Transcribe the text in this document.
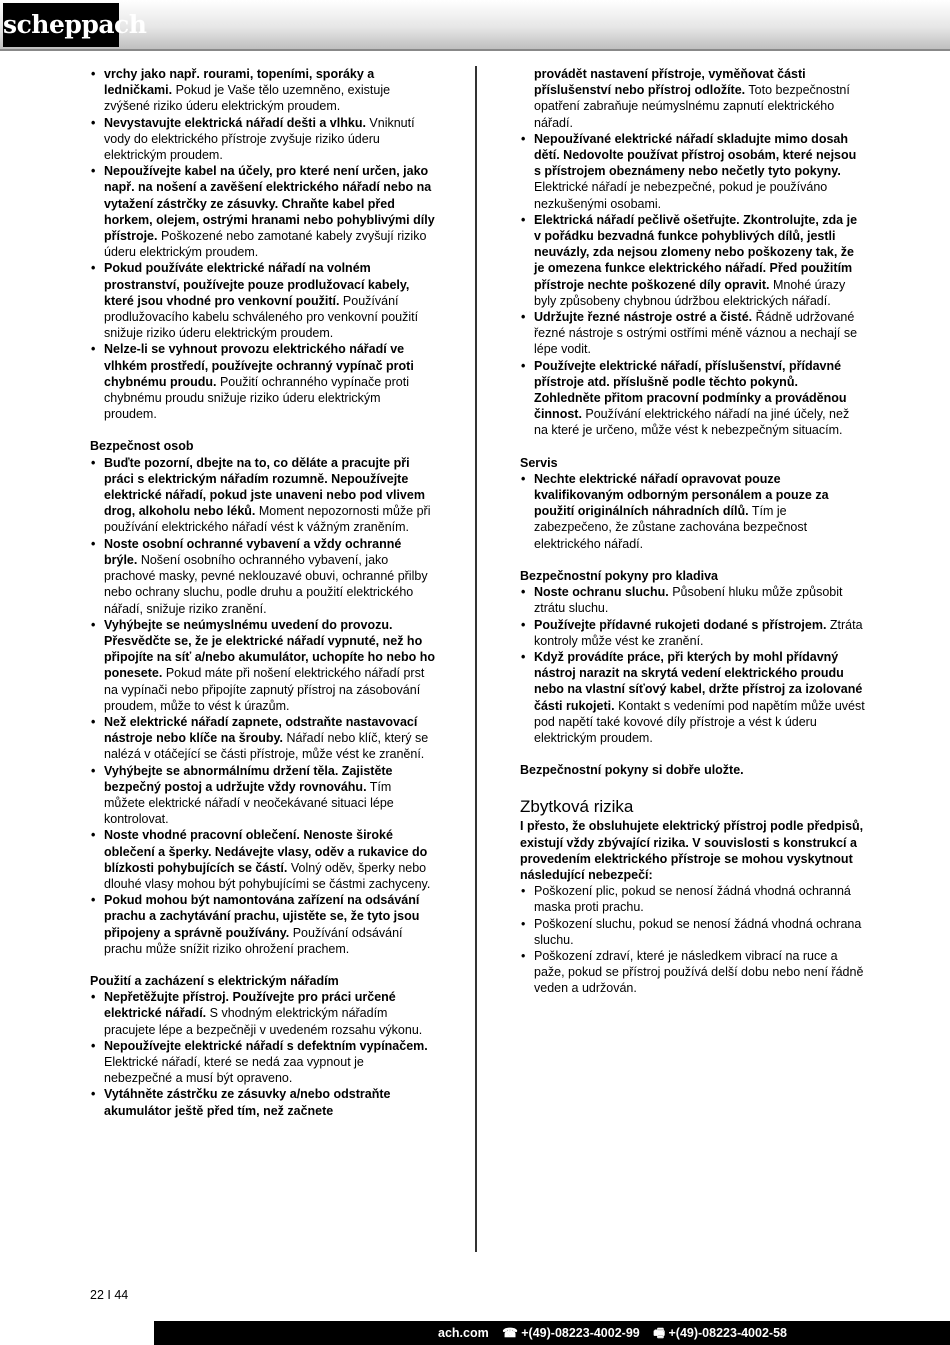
scheppach
• vrchy jako např. rourami, topeními, sporáky a ledničkami. Pokud je Vaše tělo uzemněno, existuje zvýšené riziko úderu elektrickým proudem.
• Nevystavujte elektrická nářadí dešti a vlhku. Vniknutí vody do elektrického přístroje zvyšuje riziko úderu elektrickým proudem.
• Nepoužívejte kabel na účely, pro které není určen, jako např. na nošení a zavěšení elektrického nářadí nebo na vytažení zástrčky ze zásuvky. Chraňte kabel před horkem, olejem, ostrými hranami nebo pohyblivými díly přístroje. Poškozené nebo zamotané kabely zvyšují riziko úderu elektrickým proudem.
• Pokud používáte elektrické nářadí na volném prostranství, používejte pouze prodlužovací kabely, které jsou vhodné pro venkovní použití. Používání prodlužovacího kabelu schváleného pro venkovní použití snižuje riziko úderu elektrickým proudem.
• Nelze-li se vyhnout provozu elektrického nářadí ve vlhkém prostředí, používejte ochranný vypínač proti chybnému proudu. Použití ochranného vypínače proti chybnému proudu snižuje riziko úderu elektrickým proudem.

Bezpečnost osob

• Buďte pozorní, dbejte na to, co děláte a pracujte při práci s elektrickým nářadím rozumně. Nepoužívejte elektrické nářadí, pokud jste unaveni nebo pod vlivem drog, alkoholu nebo léků. Moment nepozornosti může při používání elektrického nářadí vést k vážným zraněním.
• Noste osobní ochranné vybavení a vždy ochranné brýle. Nošení osobního ochranného vybavení, jako prachové masky, pevné neklouzavé obuvi, ochranné přilby nebo ochrany sluchu, podle druhu a použití elektrického nářadí, snižuje riziko zranění.
• Vyhýbejte se neúmyslnému uvedení do provozu. Přesvědčte se, že je elektrické nářadí vypnuté, než ho připojíte na síť a/nebo akumulátor, uchopíte ho nebo ho ponesete. Pokud máte při nošení elektrického nářadí prst na vypínači nebo připojíte zapnutý přístroj na zásobování proudem, může to vést k úrazům.
• Než elektrické nářadí zapnete, odstraňte nastavovací nástroje nebo klíče na šrouby. Nářadí nebo klíč, který se nalézá v otáčející se části přístroje, může vést ke zranění.
• Vyhýbejte se abnormálnímu držení těla. Zajistěte bezpečný postoj a udržujte vždy rovnováhu. Tím můžete elektrické nářadí v neočekávané situaci lépe kontrolovat.
• Noste vhodné pracovní oblečení. Nenoste široké oblečení a šperky. Nedávejte vlasy, oděv a rukavice do blízkosti pohybujících se částí. Volný oděv, šperky nebo dlouhé vlasy mohou být pohybujícími se částmi zachyceny.
• Pokud mohou být namontována zařízení na odsávání prachu a zachytávání prachu, ujistěte se, že tyto jsou připojeny a správně používány. Používání odsávání prachu může snížit riziko ohrožení prachem.

Použití a zacházení s elektrickým nářadím

• Nepřetěžujte přístroj. Používejte pro práci určené elektrické nářadí. S vhodným elektrickým nářadím pracujete lépe a bezpečněji v uvedeném rozsahu výkonu.
• Nepoužívejte elektrické nářadí s defektním vypínačem. Elektrické nářadí, které se nedá zaa vypnout je nebezpečné a musí být opraveno.
• Vytáhněte zástrčku ze zásuvky a/nebo odstraňte akumulátor ještě před tím, než začnete

provádět nastavení přístroje, vyměňovat části příslušenství nebo přístroj odložíte. Toto bezpečnostní opatření zabraňuje neúmyslnému zapnutí elektrického nářadí.

• Nepoužívané elektrické nářadí skladujte mimo dosah dětí. Nedovolte používat přístroj osobám, které nejsou s přístrojem obeznámeny nebo nečetly tyto pokyny. Elektrické nářadí je nebezpečné, pokud je používáno nezkušenými osobami.
• Elektrická nářadí pečlivě ošetřujte. Zkontrolujte, zda je v pořádku bezvadná funkce pohyblivých dílů, jestli neuvázly, zda nejsou zlomeny nebo poškozeny tak, že je omezena funkce elektrického nářadí. Před použitím přístroje nechte poškozené díly opravit. Mnohé úrazy byly způsobeny chybnou údržbou elektrických nářadí.
• Udržujte řezné nástroje ostré a čisté. Řádně udržované řezné nástroje s ostrými ostřími méně váznou a nechají se lépe vodit.
• Používejte elektrické nářadí, příslušenství, přídavné přístroje atd. příslušně podle těchto pokynů. Zohledněte přitom pracovní podmínky a prováděnou činnost. Používání elektrického nářadí na jiné účely, než na které je určeno, může vést k nebezpečným situacím.

Servis

• Nechte elektrické nářadí opravovat pouze kvalifikovaným odborným personálem a pouze za použití originálních náhradních dílů. Tím je zabezpečeno, že zůstane zachována bezpečnost elektrického nářadí.

Bezpečnostní pokyny pro kladiva

• Noste ochranu sluchu. Působení hluku může způsobit ztrátu sluchu.
• Používejte přídavné rukojeti dodané s přístrojem. Ztráta kontroly může vést ke zranění.
• Když provádíte práce, při kterých by mohl přídavný nástroj narazit na skrytá vedení elektrického proudu nebo na vlastní síťový kabel, držte přístroj za izolované části rukojeti. Kontakt s vedeními pod napětím může uvést pod napětí také kovové díly přístroje a vést k úderu elektrickým proudem.

Bezpečnostní pokyny si dobře uložte.

Zbytková rizika

I přesto, že obsluhujete elektrický přístroj podle předpisů, existují vždy zbývající rizika. V souvislosti s konstrukcí a provedením elektrického přístroje se mohou vyskytnout následující nebezpečí:

• Poškození plic, pokud se nenosí žádná vhodná ochranná maska proti prachu.
• Poškození sluchu, pokud se nenosí žádná vhodná ochrana sluchu.
• Poškození zdraví, které je následkem vibrací na ruce a paže, pokud se přístroj používá delší dobu nebo není řádně veden a udržován.
22 I 44
ach.com ☎ +(49)-08223-4002-99 🖷 +(49)-08223-4002-58
